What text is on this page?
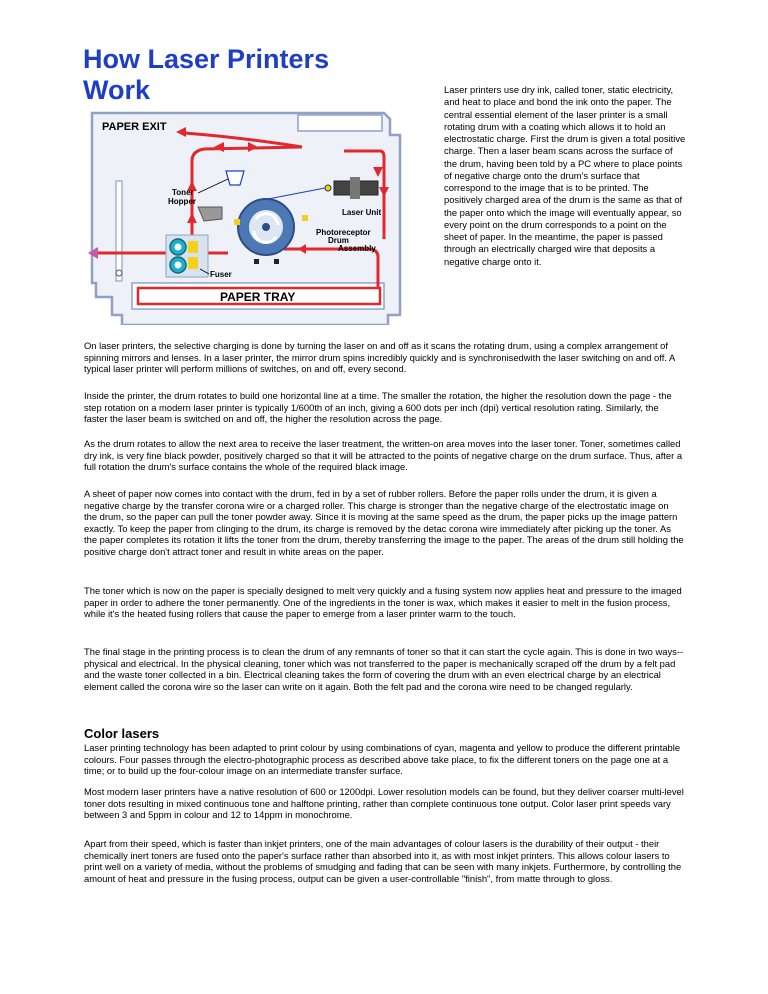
How Laser Printers Work	Laser printers use dry ink, called toner, static electricity, and heat to place and bond the ink onto the paper. The central essential element of the laser printer is a small rotating drum with a coating which allows it to hold an electrostatic charge. First the drum is given a total positive charge. Then a laser beam scans across the surface of the drum, having been told by a PC where to place points of negative charge onto the drum's surface that correspond to the image that is to be printed. The positively charged area of the drum is the same as that of the paper onto which the image will eventually appear, so every point on the drum corresponds to a point on the sheet of paper. In the meantime, the paper is passed through an electrically charged wire that deposits a negative charge onto it.

PAPER TRAY
PAPER EXIT
Toner
Hopper
Laser Unit
Photoreceptor
Drum
Assembly
Fuser

On laser printers, the selective charging is done by turning the laser on and off as it scans the rotating drum, using a complex arrangement of spinning mirrors and lenses. In a laser printer, the mirror drum spins incredibly quickly and is synchronisedwith the laser switching on and off. A typical laser printer will perform millions of switches, on and off, every second.

Inside the printer, the drum rotates to build one horizontal line at a time. The smaller the rotation, the higher the resolution down the page - the step rotation on a modern laser printer is typically 1/600th of an inch, giving a 600 dots per inch (dpi) vertical resolution rating. Similarly, the faster the laser beam is switched on and off, the higher the resolution across the page.

As the drum rotates to allow the next area to receive the laser treatment, the written-on area moves into the laser toner. Toner, sometimes called dry ink, is very fine black powder, positively charged so that it will be attracted to the points of negative charge on the drum surface. Thus, after a full rotation the drum's surface contains the whole of the required black image.

A sheet of paper now comes into contact with the drum, fed in by a set of rubber rollers. Before the paper rolls under the drum, it is given a negative charge by the transfer corona wire or a charged roller. This charge is stronger than the negative charge of the electrostatic image on the drum, so the paper can pull the toner powder away. Since it is moving at the same speed as the drum, the paper picks up the image pattern exactly. To keep the paper from clinging to the drum, its charge is removed by the detac corona wire immediately after picking up the toner. As the paper completes its rotation it lifts the toner from the drum, thereby transferring the image to the paper. The areas of the drum still holding the positive charge don't attract toner and result in white areas on the paper.

The toner which is now on the paper is specially designed to melt very quickly and a fusing system now applies heat and pressure to the imaged paper in order to adhere the toner permanently. One of the ingredients in the toner is wax, which makes it easier to melt in the fusion process, while it's the heated fusing rollers that cause the paper to emerge from a laser printer warm to the touch.

The final stage in the printing process is to clean the drum of any remnants of toner so that it can start the cycle again. This is done in two ways--physical and electrical. In the physical cleaning, toner which was not transferred to the paper is mechanically scraped off the drum by a felt pad and the waste toner collected in a bin. Electrical cleaning takes the form of covering the drum with an even electrical charge by an electrical element called the corona wire so the laser can write on it again. Both the felt pad and the corona wire need to be changed regularly.

Color lasers

Laser printing technology has been adapted to print colour by using combinations of cyan, magenta and yellow to produce the different printable colours. Four passes through the electro-photographic process as described above take place, to fix the different toners on the page one at a time; or to build up the four-colour image on an intermediate transfer surface.

Most modern laser printers have a native resolution of 600 or 1200dpi. Lower resolution models can be found, but they deliver coarser multi-level toner dots resulting in mixed continuous tone and halftone printing, rather than complete continuous tone output. Color laser print speeds vary between 3 and 5ppm in colour and 12 to 14ppm in monochrome.

Apart from their speed, which is faster than inkjet printers, one of the main advantages of colour lasers is the durability of their output - their chemically inert toners are fused onto the paper's surface rather than absorbed into it, as with most inkjet printers. This allows colour lasers to print well on a variety of media, without the problems of smudging and fading that can be seen with many inkjets. Furthermore, by controlling the amount of heat and pressure in the fusing process, output can be given a user-controllable "finish", from matte through to gloss.
